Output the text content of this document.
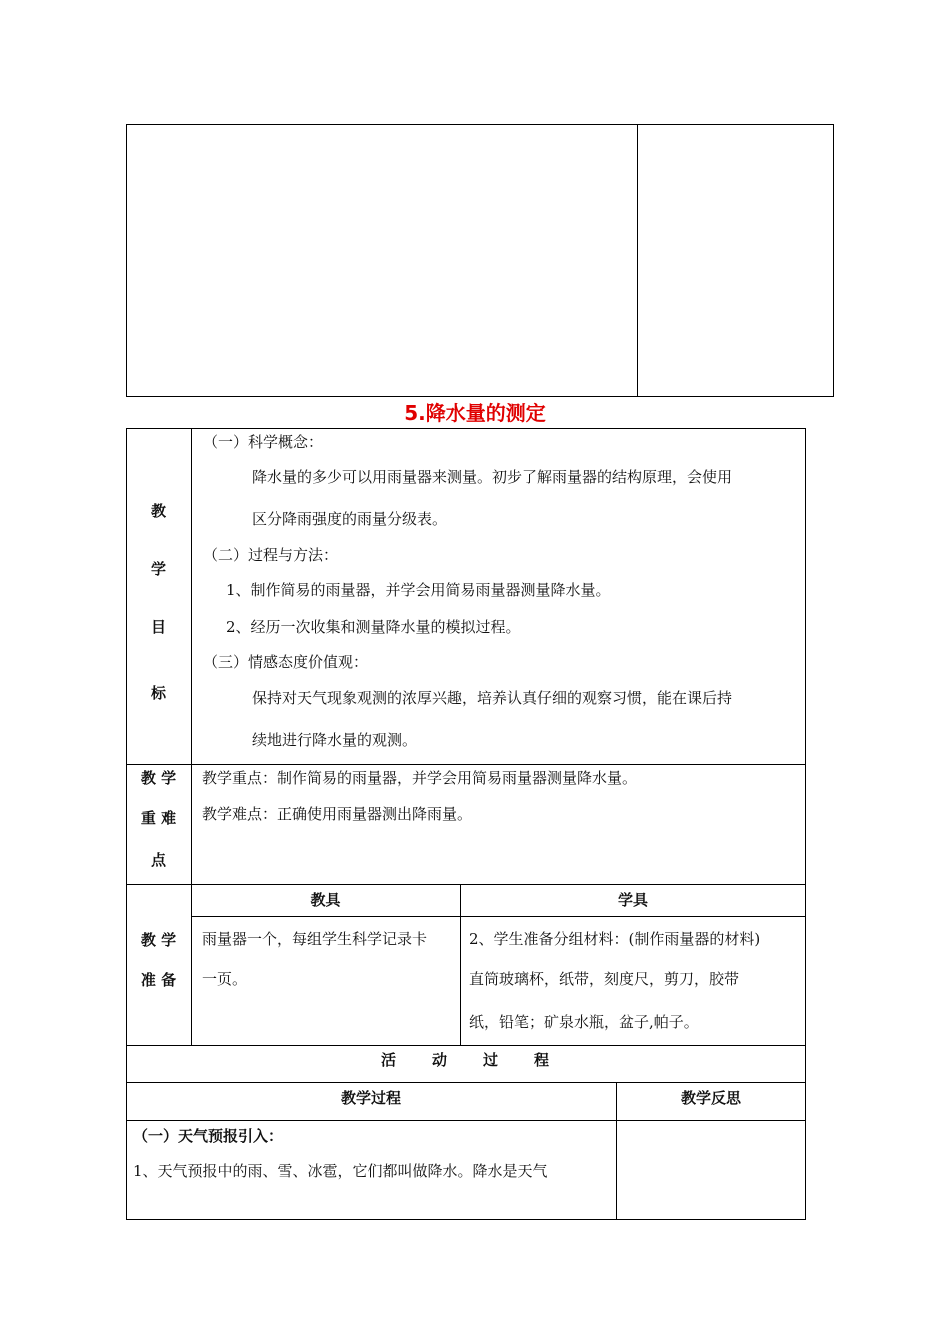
5.降水量的测定
教
学
目
标
（一）科学概念：
降水量的多少可以用雨量器来测量。初步了解雨量器的结构原理，会使用
区分降雨强度的雨量分级表。
（二）过程与方法：
1、制作简易的雨量器，并学会用简易雨量器测量降水量。
2、经历一次收集和测量降水量的模拟过程。
（三）情感态度价值观：
保持对天气现象观测的浓厚兴趣，培养认真仔细的观察习惯，能在课后持
续地进行降水量的观测。
教 学
重 难
点
教学重点：制作简易的雨量器，并学会用简易雨量器测量降水量。
教学难点：正确使用雨量器测出降雨量。
教 学
准 备
教具	学具
雨量器一个，每组学生科学记录卡
一页。
2、学生准备分组材料：(制作雨量器的材料)
直筒玻璃杯，纸带，刻度尺，剪刀，胶带
纸，铅笔；矿泉水瓶，盆子,帕子。
活　　动　　过　　程
教学过程	教学反思
（一）天气预报引入：
1、天气预报中的雨、雪、冰雹，它们都叫做降水。降水是天气
